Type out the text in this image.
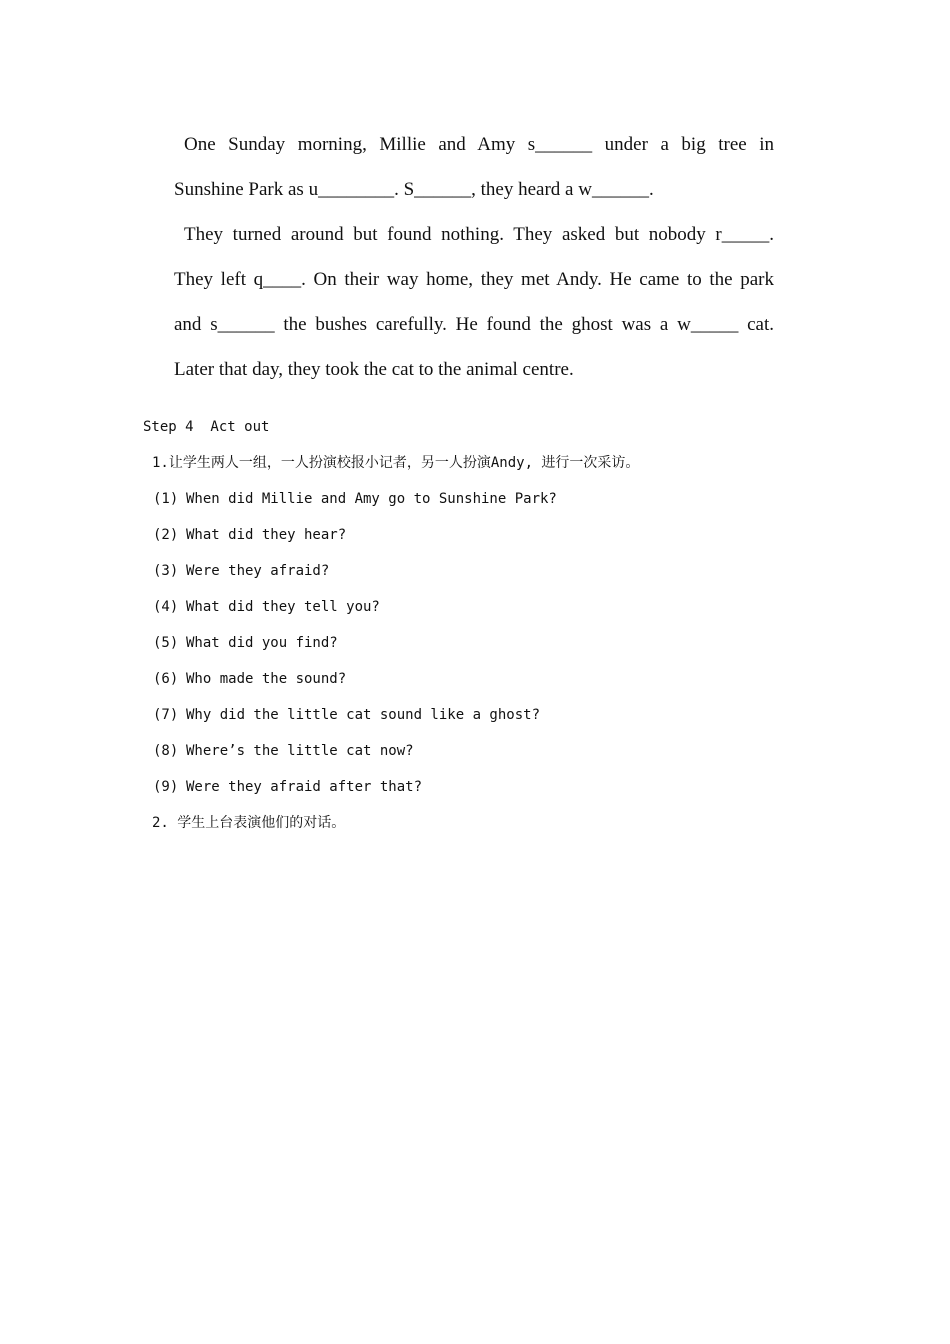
One Sunday morning, Millie and Amy s______ under a big tree in
Sunshine Park as u________. S______, they heard a w______.
They turned around but found nothing. They asked but nobody r_____.
They left q____. On their way home, they met Andy. He came to the park
and s______ the bushes carefully. He found the ghost was a w_____ cat.
Later that day, they took the cat to the animal centre.
Step 4  Act out
1.让学生两人一组，一人扮演校报小记者，另一人扮演Andy, 进行一次采访。
(1) When did Millie and Amy go to Sunshine Park?
(2) What did they hear?
(3) Were they afraid?
(4) What did they tell you?
(5) What did you find?
(6) Who made the sound?
(7) Why did the little cat sound like a ghost?
(8) Where’s the little cat now?
(9) Were they afraid after that?
2. 学生上台表演他们的对话。
